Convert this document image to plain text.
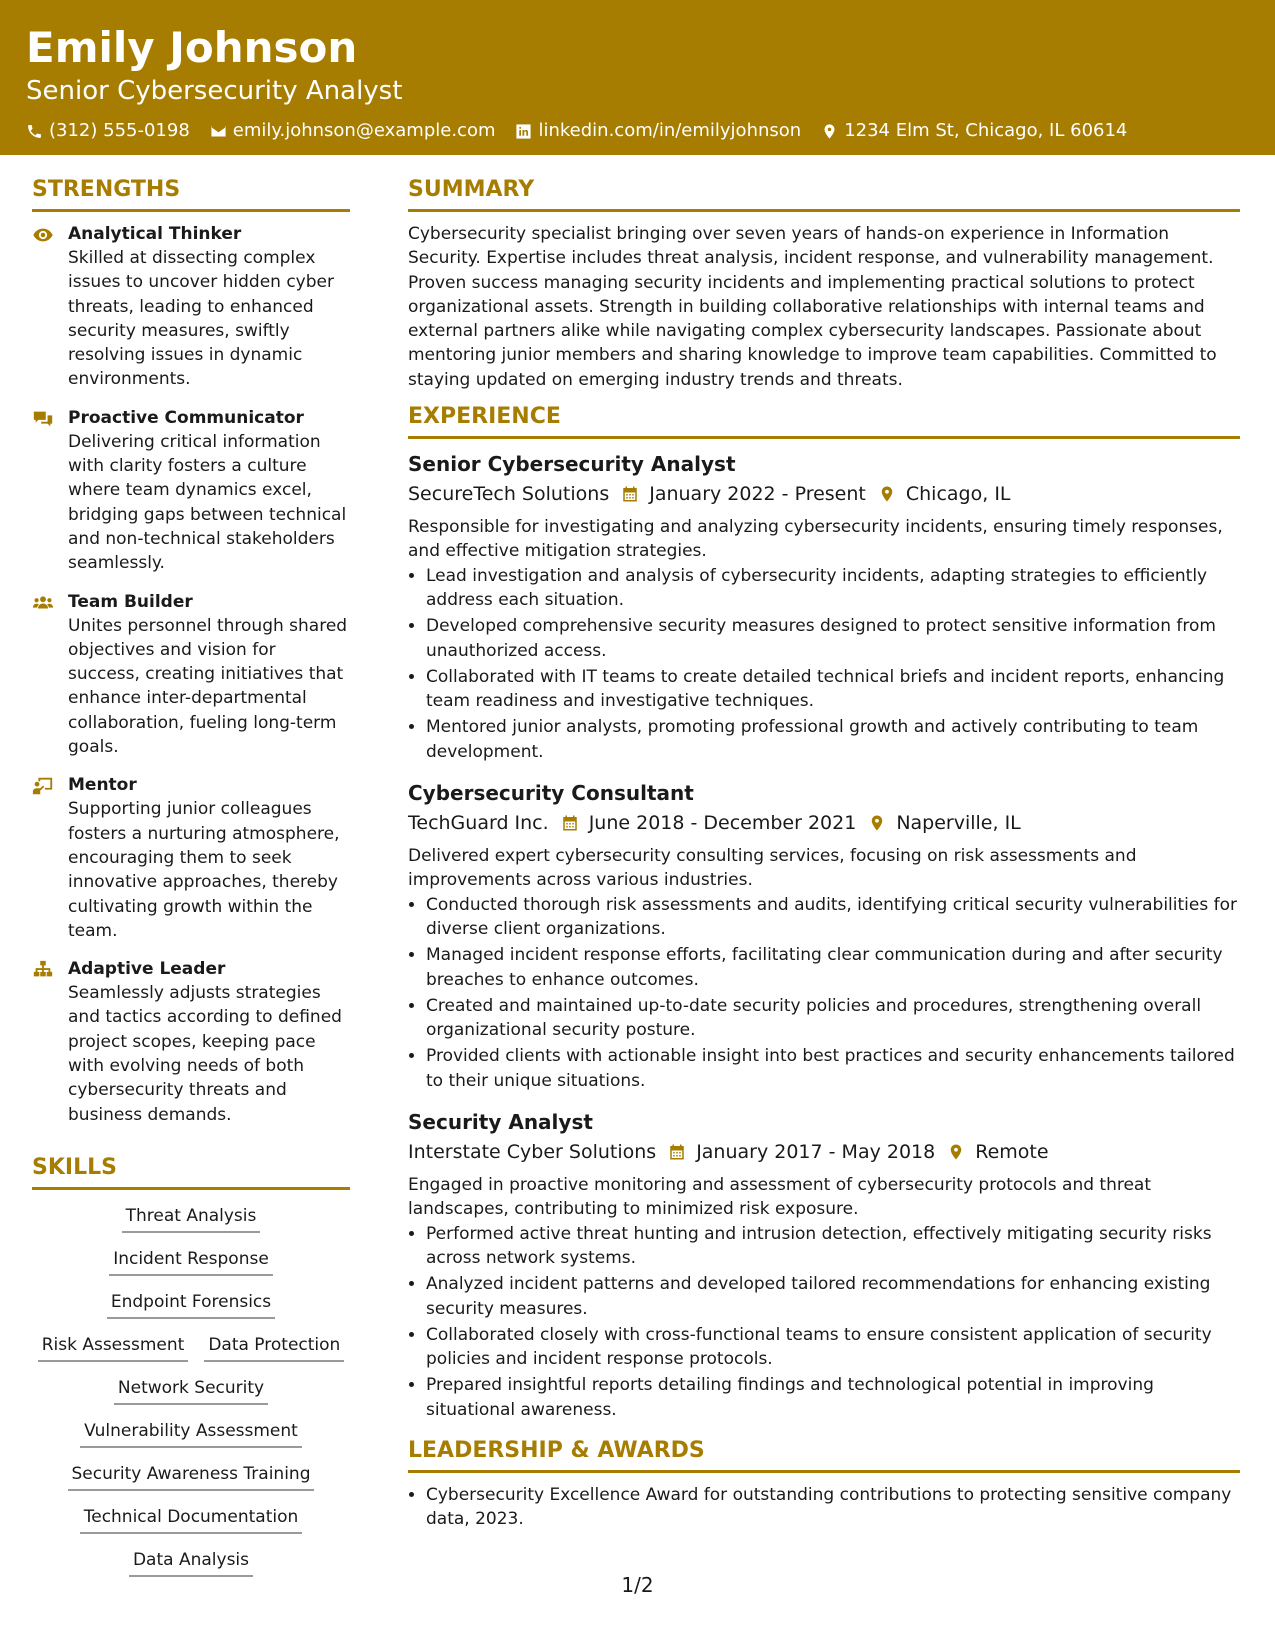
Emily Johnson
Senior Cybersecurity Analyst
(312) 555-0198 emily.johnson@example.com linkedin.com/in/emilyjohnson 1234 Elm St, Chicago, IL 60614
STRENGTHS
Analytical Thinker
Skilled at dissecting complex issues to uncover hidden cyber threats, leading to enhanced security measures, swiftly resolving issues in dynamic environments.
Proactive Communicator
Delivering critical information with clarity fosters a culture where team dynamics excel, bridging gaps between technical and non-technical stakeholders seamlessly.
Team Builder
Unites personnel through shared objectives and vision for success, creating initiatives that enhance inter-departmental collaboration, fueling long-term goals.
Mentor
Supporting junior colleagues fosters a nurturing atmosphere, encouraging them to seek innovative approaches, thereby cultivating growth within the team.
Adaptive Leader
Seamlessly adjusts strategies and tactics according to defined project scopes, keeping pace with evolving needs of both cybersecurity threats and business demands.
SKILLS
Threat Analysis
Incident Response
Endpoint Forensics
Risk Assessment Data Protection
Network Security
Vulnerability Assessment
Security Awareness Training
Technical Documentation
Data Analysis
SUMMARY

Cybersecurity specialist bringing over seven years of hands-on experience in Information Security. Expertise includes threat analysis, incident response, and vulnerability management. Proven success managing security incidents and implementing practical solutions to protect organizational assets. Strength in building collaborative relationships with internal teams and external partners alike while navigating complex cybersecurity landscapes. Passionate about mentoring junior members and sharing knowledge to improve team capabilities. Committed to staying updated on emerging industry trends and threats.

EXPERIENCE
Senior Cybersecurity Analyst
SecureTech Solutions January 2022 - Present Chicago, IL
Responsible for investigating and analyzing cybersecurity incidents, ensuring timely responses, and effective mitigation strategies.
• Lead investigation and analysis of cybersecurity incidents, adapting strategies to efficiently address each situation.
• Developed comprehensive security measures designed to protect sensitive information from unauthorized access.
• Collaborated with IT teams to create detailed technical briefs and incident reports, enhancing team readiness and investigative techniques.
• Mentored junior analysts, promoting professional growth and actively contributing to team development.
Cybersecurity Consultant
TechGuard Inc. June 2018 - December 2021 Naperville, IL
Delivered expert cybersecurity consulting services, focusing on risk assessments and improvements across various industries.
• Conducted thorough risk assessments and audits, identifying critical security vulnerabilities for diverse client organizations.
• Managed incident response efforts, facilitating clear communication during and after security breaches to enhance outcomes.
• Created and maintained up-to-date security policies and procedures, strengthening overall organizational security posture.
• Provided clients with actionable insight into best practices and security enhancements tailored to their unique situations.
Security Analyst
Interstate Cyber Solutions January 2017 - May 2018 Remote
Engaged in proactive monitoring and assessment of cybersecurity protocols and threat landscapes, contributing to minimized risk exposure.
• Performed active threat hunting and intrusion detection, effectively mitigating security risks across network systems.
• Analyzed incident patterns and developed tailored recommendations for enhancing existing security measures.
• Collaborated closely with cross-functional teams to ensure consistent application of security policies and incident response protocols.
• Prepared insightful reports detailing findings and technological potential in improving situational awareness.
LEADERSHIP & AWARDS
• Cybersecurity Excellence Award for outstanding contributions to protecting sensitive company data, 2023.
1/2
